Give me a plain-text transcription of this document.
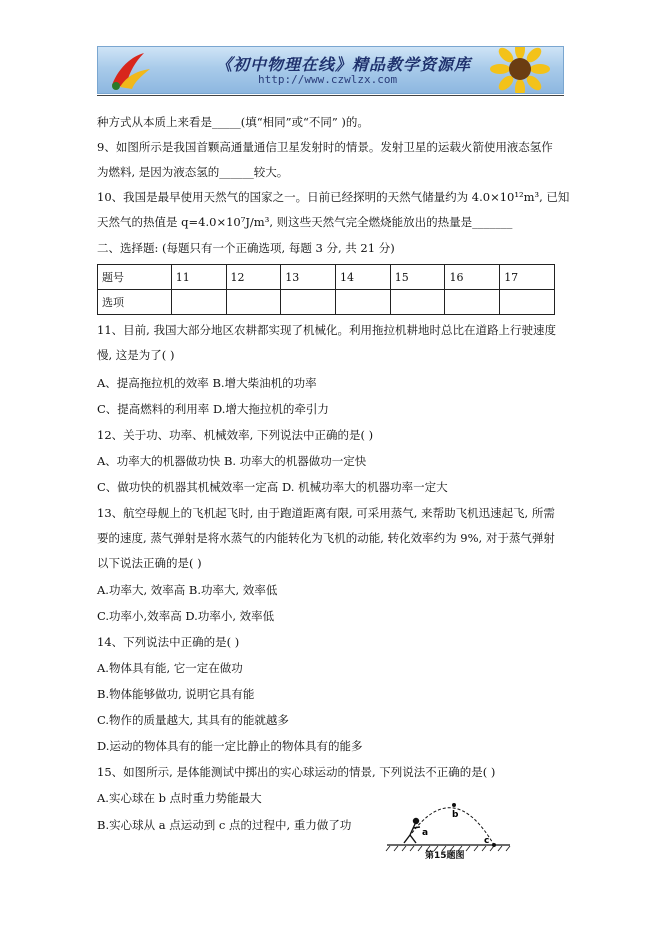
《初中物理在线》精品教学资源库
http://www.czwlzx.com
种方式从本质上来看是_____(填“相同”或“不同” )的。
9、如图所示是我国首颗高通量通信卫星发射时的情景。发射卫星的运载火箭使用液态氢作
为燃料, 是因为液态氢的______较大。
10、我国是最早使用天然气的国家之一。日前已经探明的天然气储量约为 4.0×10¹²m³, 已知
天然气的热值是 q=4.0×10⁷J/m³, 则这些天然气完全燃烧能放出的热量是_______
二、选择题: (每题只有一个正确选项, 每题 3 分, 共 21 分)
题号	11	12	13	14	15	16	17
选项							
11、目前, 我国大部分地区农耕都实现了机械化。利用拖拉机耕地时总比在道路上行驶速度
慢, 这是为了( )
A、提高拖拉机的效率 B.增大柴油机的功率
C、提高燃料的利用率 D.增大拖拉机的牵引力
12、关于功、功率、机械效率, 下列说法中正确的是( )
A、功率大的机器做功快 B. 功率大的机器做功一定快
C、做功快的机器其机械效率一定高 D. 机械功率大的机器功率一定大
13、航空母舰上的飞机起飞时, 由于跑道距离有限, 可采用蒸气, 来帮助飞机迅速起飞, 所需
要的速度, 蒸气弹射是将水蒸气的内能转化为飞机的动能, 转化效率约为 9%, 对于蒸气弹射
以下说法正确的是( )
A.功率大, 效率高 B.功率大, 效率低
C.功率小,效率高 D.功率小, 效率低
14、下列说法中正确的是( )
A.物体具有能, 它一定在做功
B.物体能够做功, 说明它具有能
C.物作的质量越大, 其具有的能就越多
D.运动的物体具有的能一定比静止的物体具有的能多
15、如图所示, 是体能测试中掷出的实心球运动的情景, 下列说法不正确的是( )
A.实心球在 b 点时重力势能最大
B.实心球从 a 点运动到 c 点的过程中, 重力做了功
a
b
c
第15题图
